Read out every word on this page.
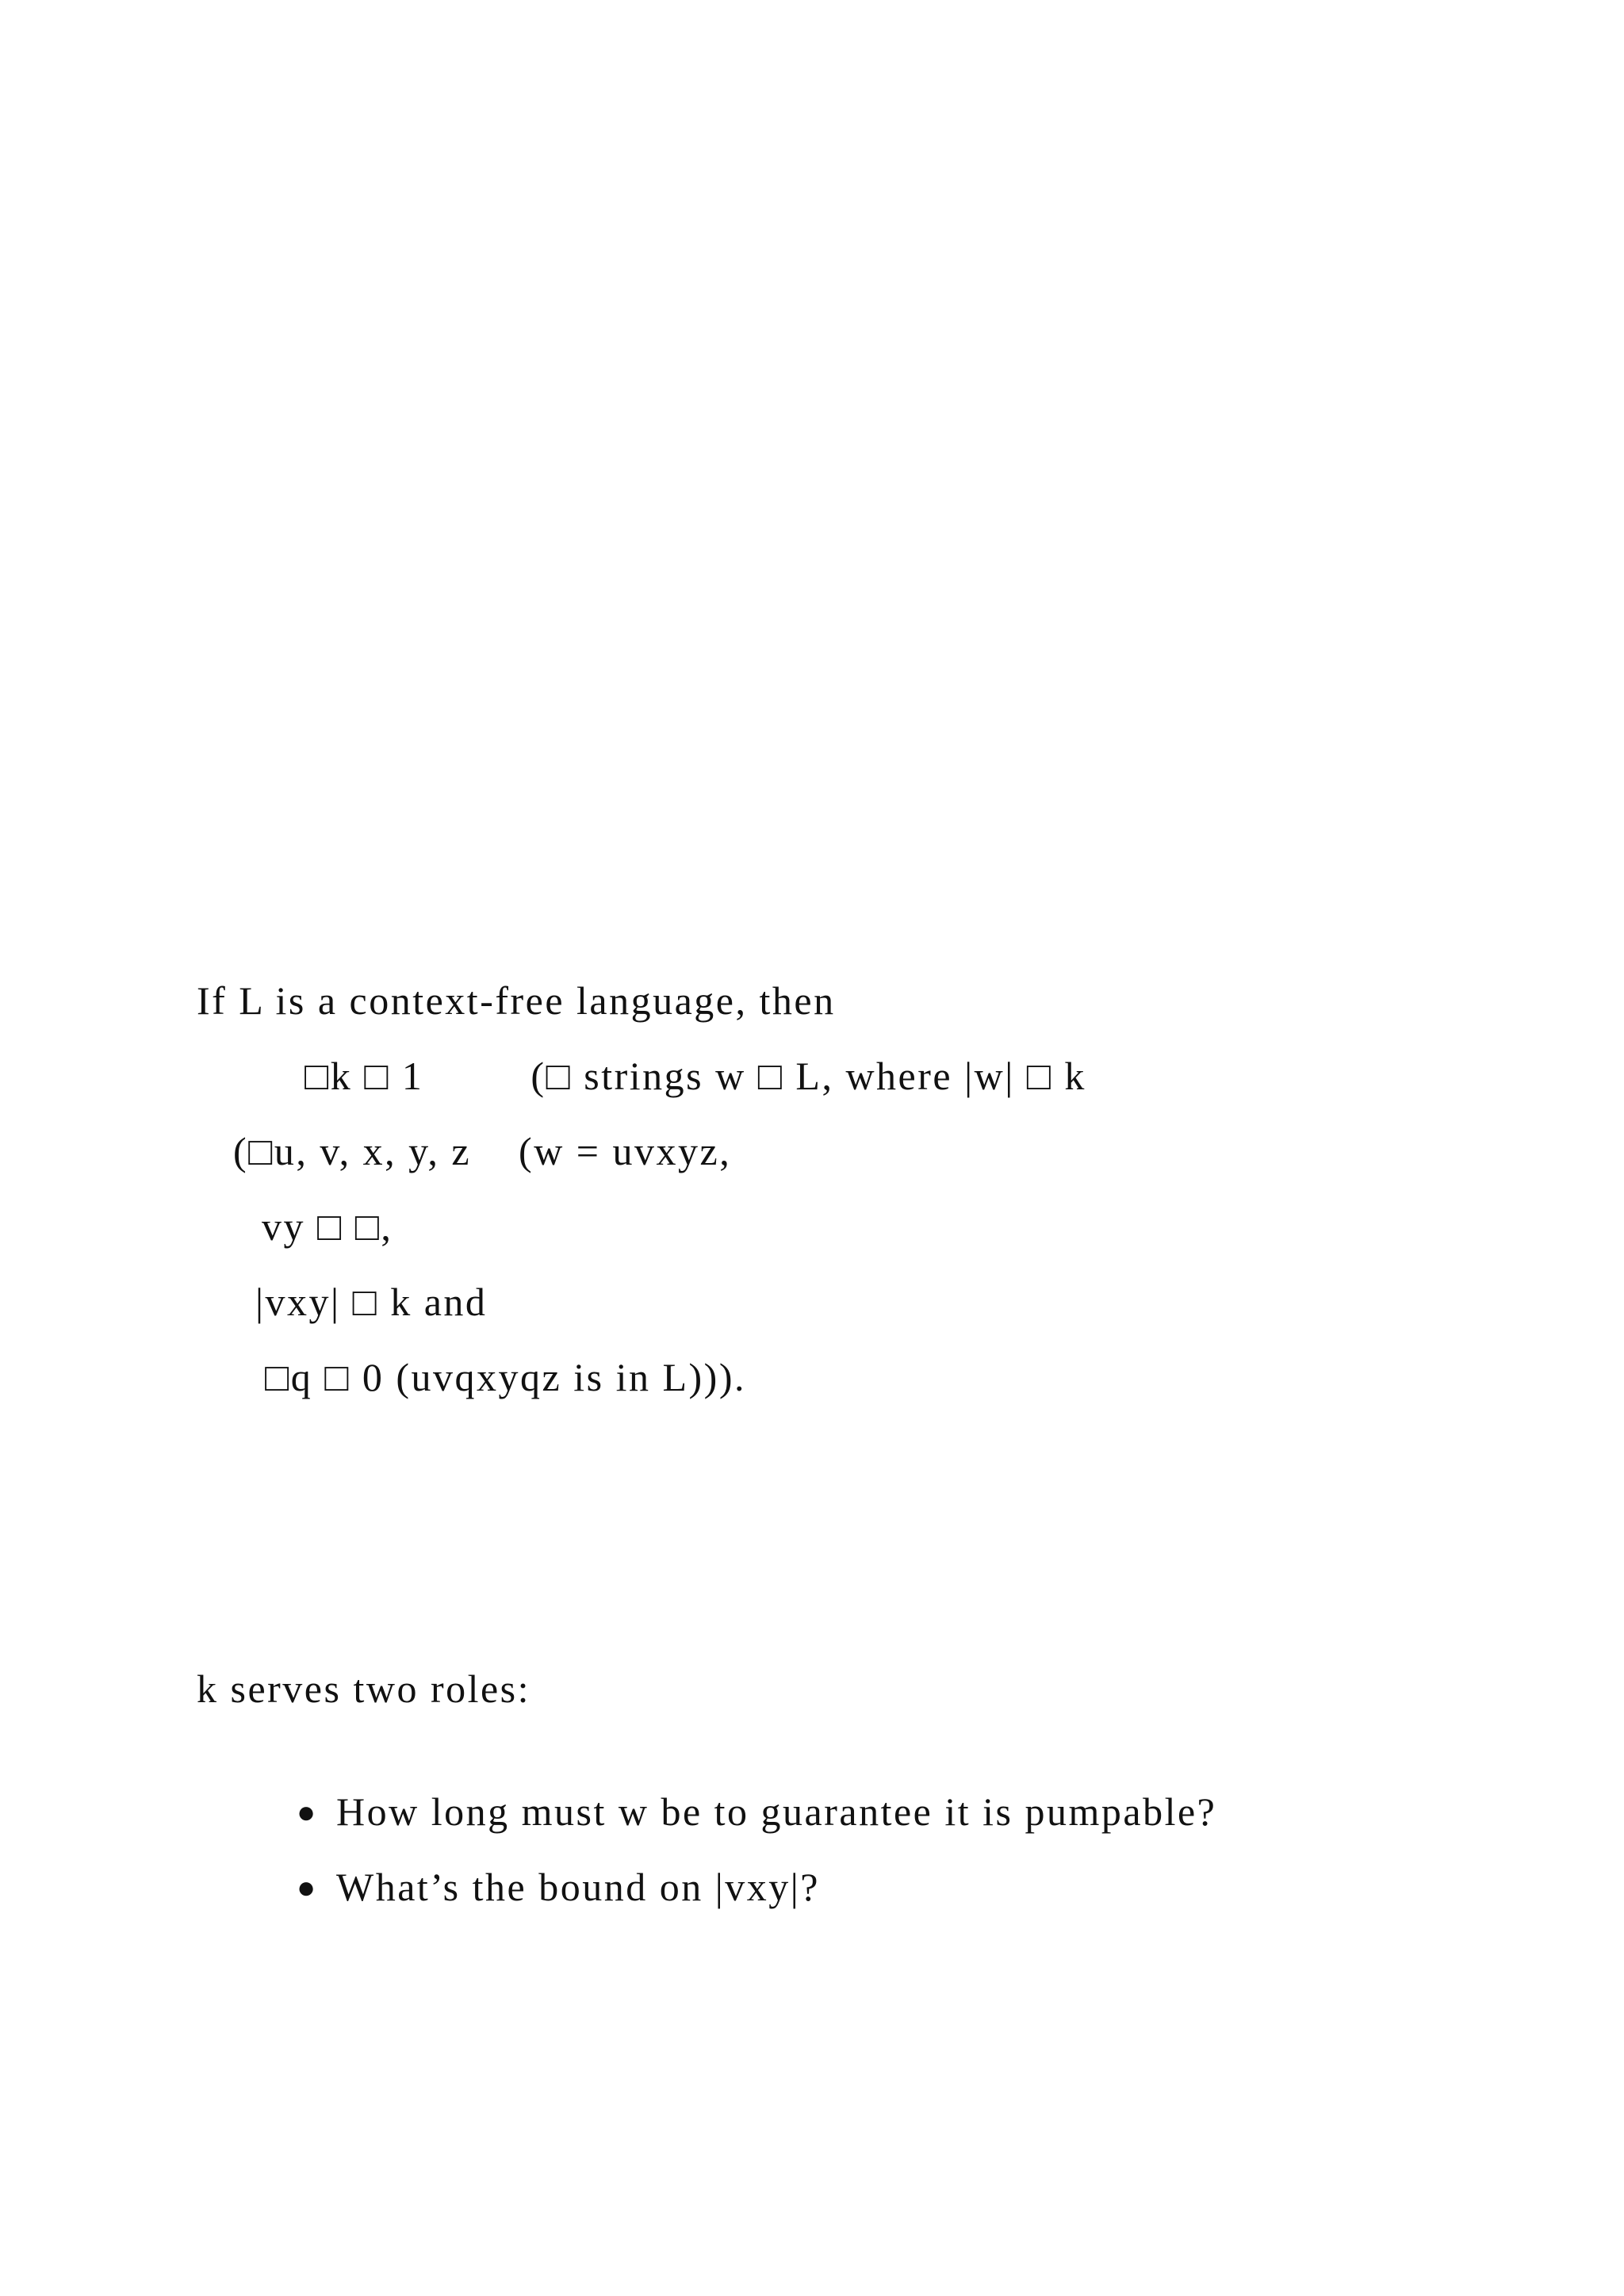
If L is a context-free language, then
□k □ 1         (□ strings w □ L, where |w| □ k
(□u, v, x, y, z    (w = uvxyz,
vy □ □,
|vxy| □ k and
□q □ 0 (uvqxyqz is in L))).
k serves two roles:

● How long must w be to guarantee it is pumpable?

● What’s the bound on |vxy|?
